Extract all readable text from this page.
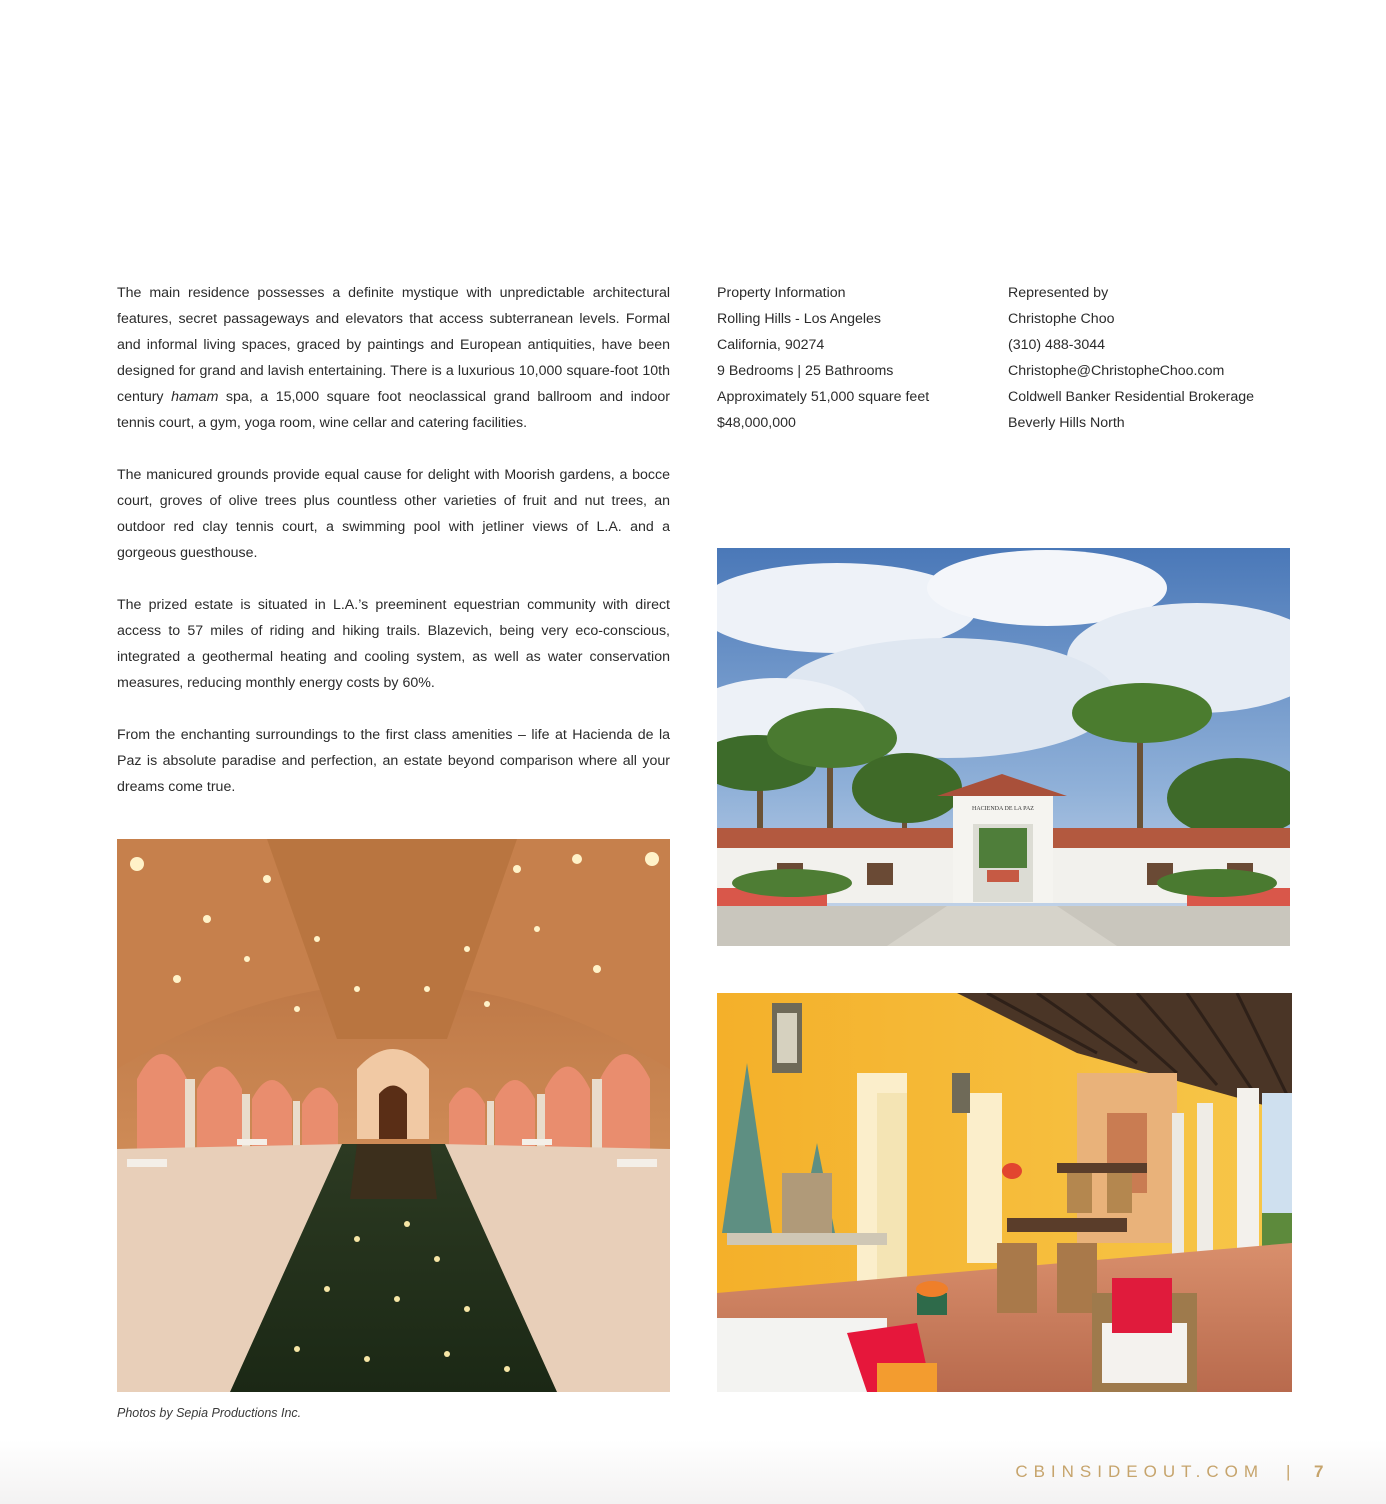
The main residence possesses a definite mystique with unpredictable architectural features, secret passageways and elevators that access subterranean levels. Formal and informal living spaces, graced by paintings and European antiquities, have been designed for grand and lavish entertaining. There is a luxurious 10,000 square-foot 10th century hamam spa, a 15,000 square foot neoclassical grand ballroom and indoor tennis court, a gym, yoga room, wine cellar and catering facilities.

The manicured grounds provide equal cause for delight with Moorish gardens, a bocce court, groves of olive trees plus countless other varieties of fruit and nut trees, an outdoor red clay tennis court, a swimming pool with jetliner views of L.A. and a gorgeous guesthouse.

The prized estate is situated in L.A.’s preeminent equestrian community with direct access to 57 miles of riding and hiking trails. Blazevich, being very eco-conscious, integrated a geothermal heating and cooling system, as well as water conservation measures, reducing monthly energy costs by 60%.

From the enchanting surroundings to the first class amenities – life at Hacienda de la Paz is absolute paradise and perfection, an estate beyond comparison where all your dreams come true.

Property Information
Rolling Hills - Los Angeles
California, 90274
9 Bedrooms | 25 Bathrooms
Approximately 51,000 square feet
$48,000,000
Represented by
Christophe Choo
(310) 488-3044
Christophe@ChristopheChoo.com
Coldwell Banker Residential Brokerage
Beverly Hills North
HACIENDA DE LA PAZ
Photos by Sepia Productions Inc.
CBINSIDEOUT.COM | 7
